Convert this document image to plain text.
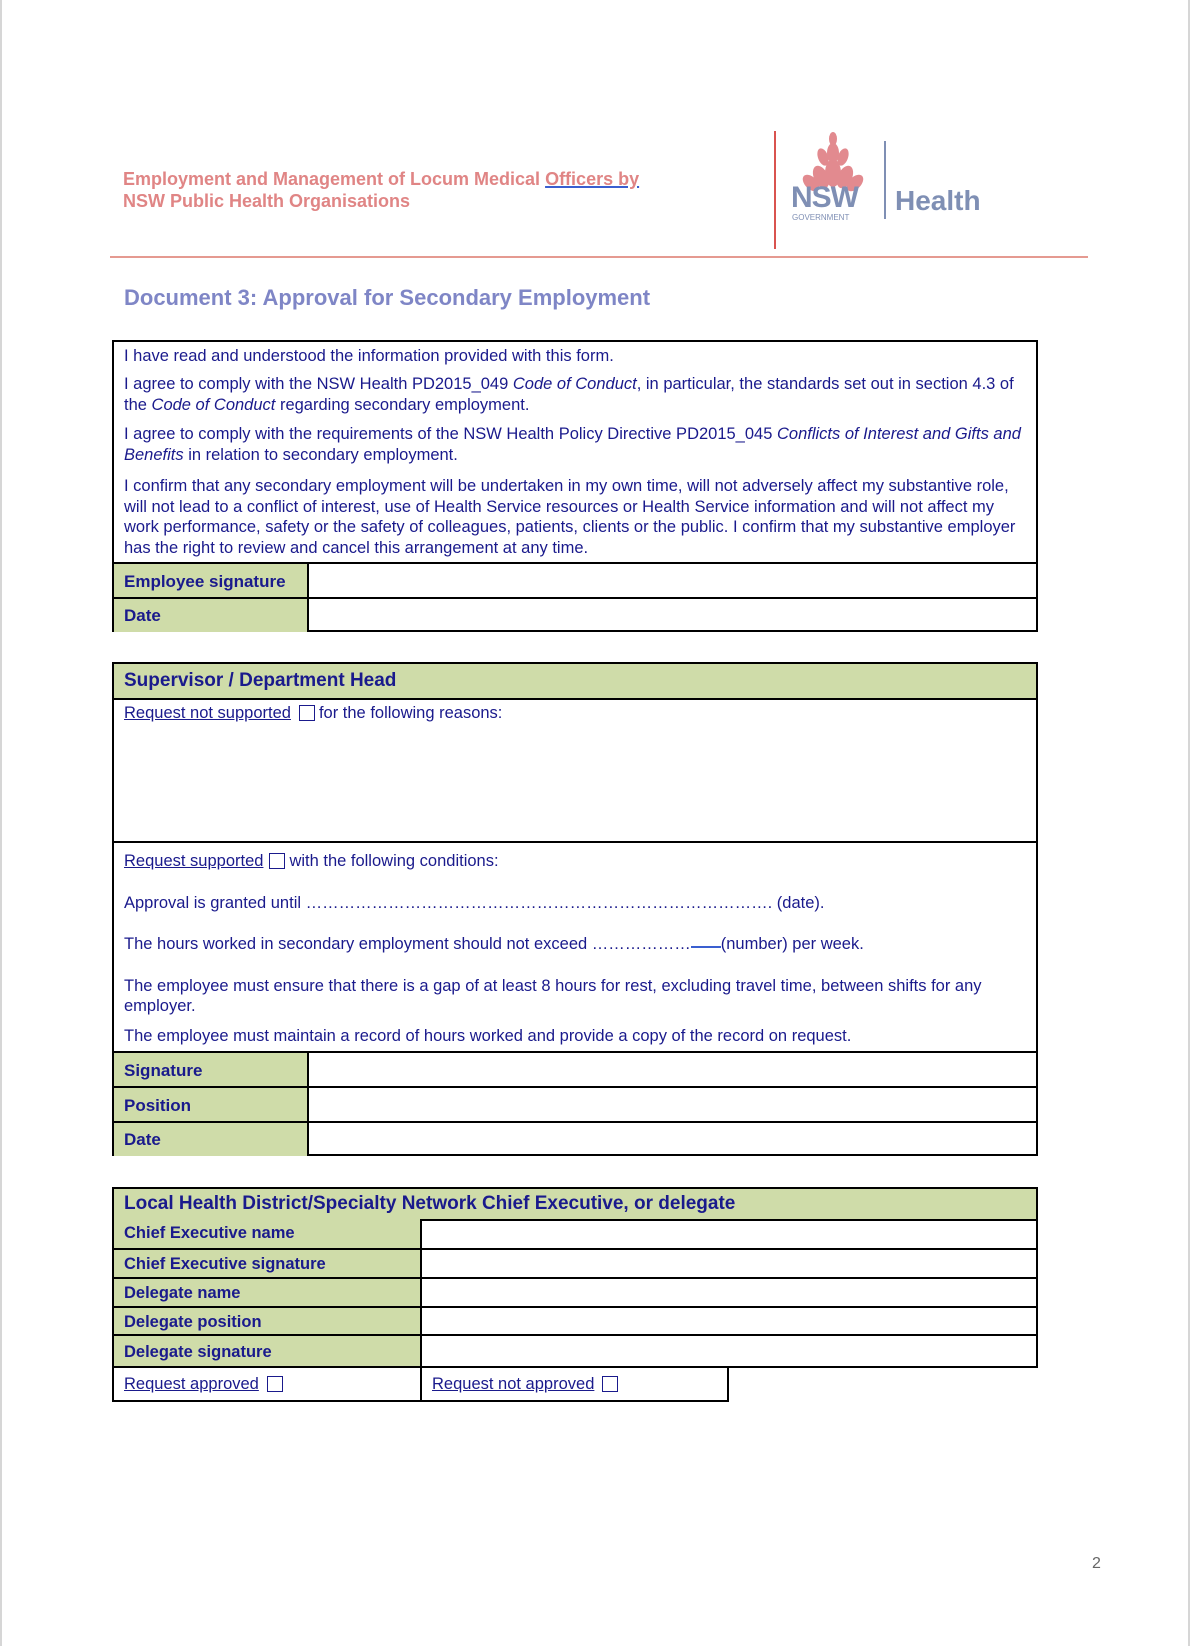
Employment and Management of Locum Medical Officers by
NSW Public Health Organisations	NSW
GOVERNMENT
Health
Document 3: Approval for Secondary Employment
I have read and understood the information provided with this form.
I agree to comply with the NSW Health PD2015_049 Code of Conduct, in particular, the standards set out in section 4.3 of the Code of Conduct regarding secondary employment.
I agree to comply with the requirements of the NSW Health Policy Directive PD2015_045 Conflicts of Interest and Gifts and Benefits in relation to secondary employment.
I confirm that any secondary employment will be undertaken in my own time, will not adversely affect my substantive role, will not lead to a conflict of interest, use of Health Service resources or Health Service information and will not affect my work performance, safety or the safety of colleagues, patients, clients or the public. I confirm that my substantive employer has the right to review and cancel this arrangement at any time.
Employee signature
Date
Supervisor / Department Head
Request not supported for the following reasons:
Request supported with the following conditions:
Approval is granted until …………………………………………………………………………. (date).
The hours worked in secondary employment should not exceed ……………… (number) per week.
The employee must ensure that there is a gap of at least 8 hours for rest, excluding travel time, between shifts for any employer.
The employee must maintain a record of hours worked and provide a copy of the record on request.
Signature
Position
Date
Local Health District/Specialty Network Chief Executive, or delegate
Chief Executive name
Chief Executive signature
Delegate name
Delegate position
Delegate signature
Request approved	Request not approved
2
